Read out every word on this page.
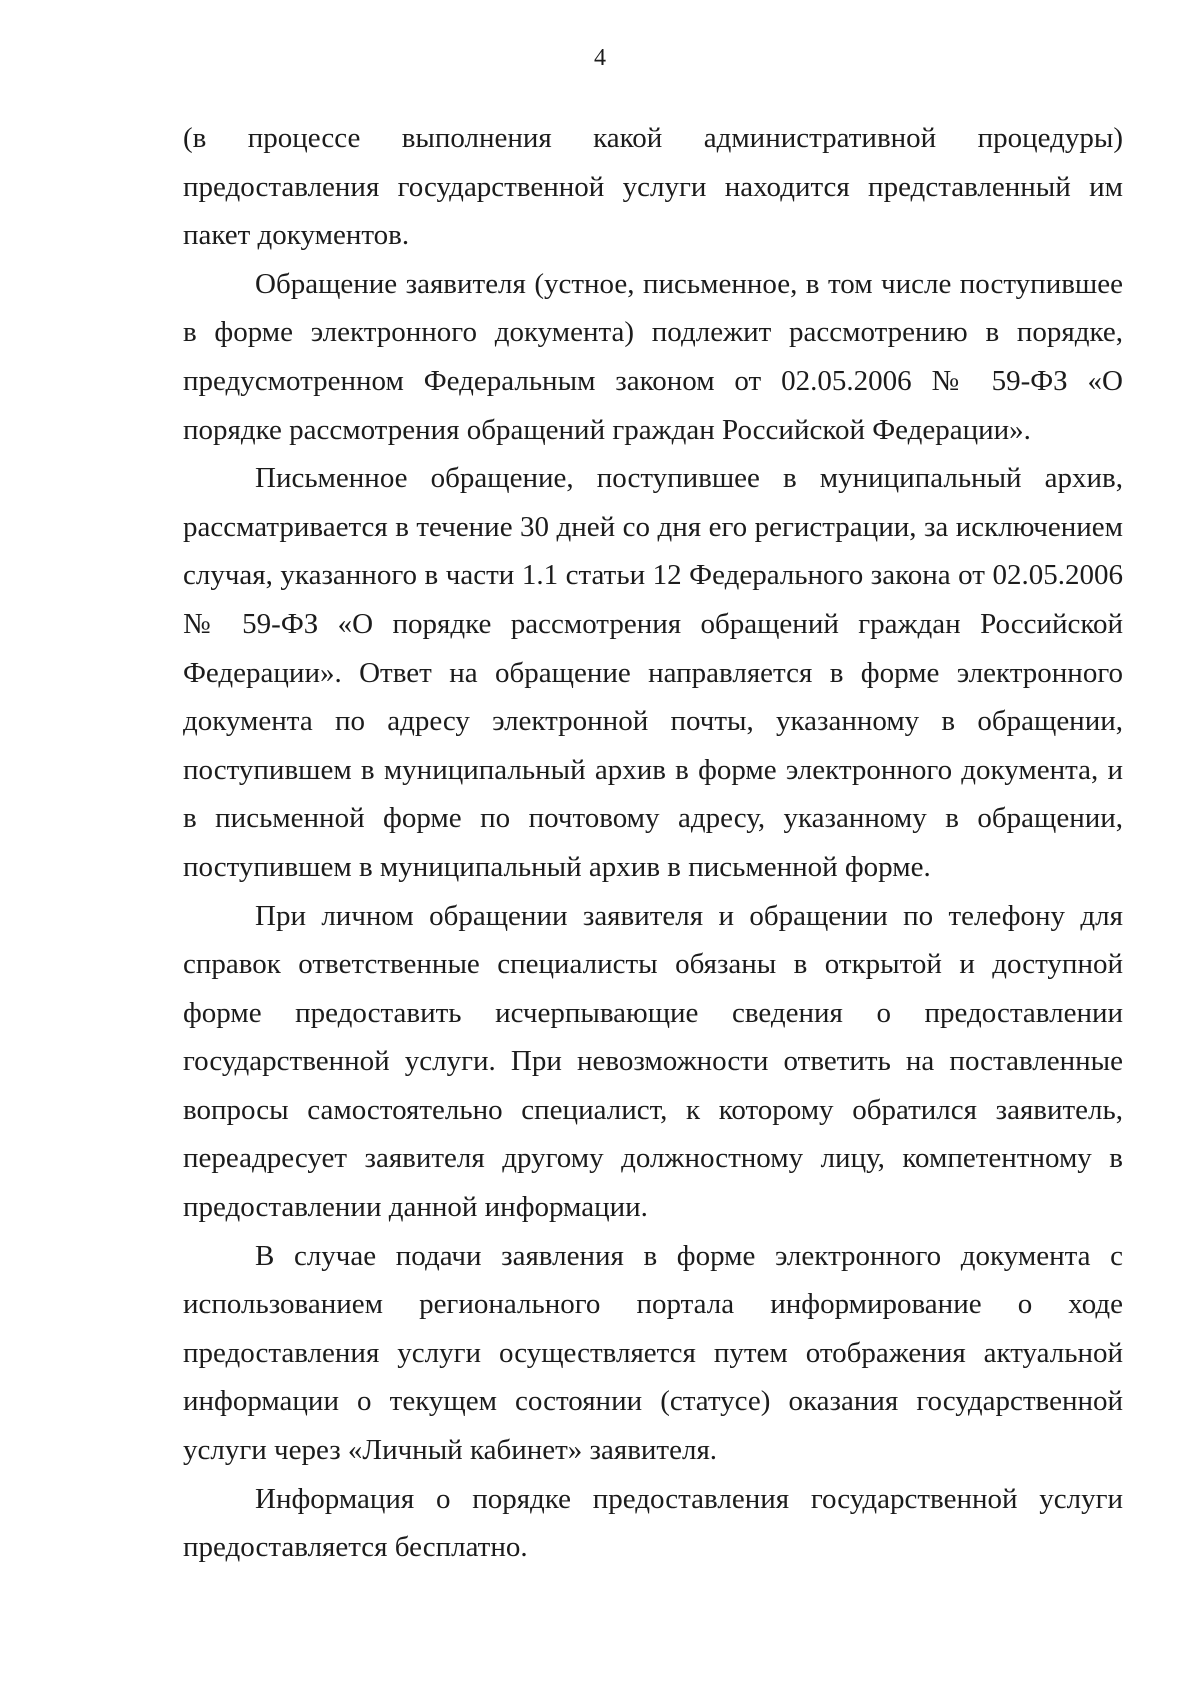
4

(в процессе выполнения какой административной процедуры) предоставления государственной услуги находится представленный им пакет документов.

Обращение заявителя (устное, письменное, в том числе поступившее в форме электронного документа) подлежит рассмотрению в порядке, предусмотренном Федеральным законом от 02.05.2006 № 59-ФЗ «О порядке рассмотрения обращений граждан Российской Федерации».

Письменное обращение, поступившее в муниципальный архив, рассматривается в течение 30 дней со дня его регистрации, за исключением случая, указанного в части 1.1 статьи 12 Федерального закона от 02.05.2006 № 59-ФЗ «О порядке рассмотрения обращений граждан Российской Федерации». Ответ на обращение направляется в форме электронного документа по адресу электронной почты, указанному в обращении, поступившем в муниципальный архив в форме электронного документа, и в письменной форме по почтовому адресу, указанному в обращении, поступившем в муниципальный архив в письменной форме.

При личном обращении заявителя и обращении по телефону для справок ответственные специалисты обязаны в открытой и доступной форме предоставить исчерпывающие сведения о предоставлении государственной услуги. При невозможности ответить на поставленные вопросы самостоятельно специалист, к которому обратился заявитель, переадресует заявителя другому должностному лицу, компетентному в предоставлении данной информации.

В случае подачи заявления в форме электронного документа с использованием регионального портала информирование о ходе предоставления услуги осуществляется путем отображения актуальной информации о текущем состоянии (статусе) оказания государственной услуги через «Личный кабинет» заявителя.

Информация о порядке предоставления государственной услуги предоставляется бесплатно.
